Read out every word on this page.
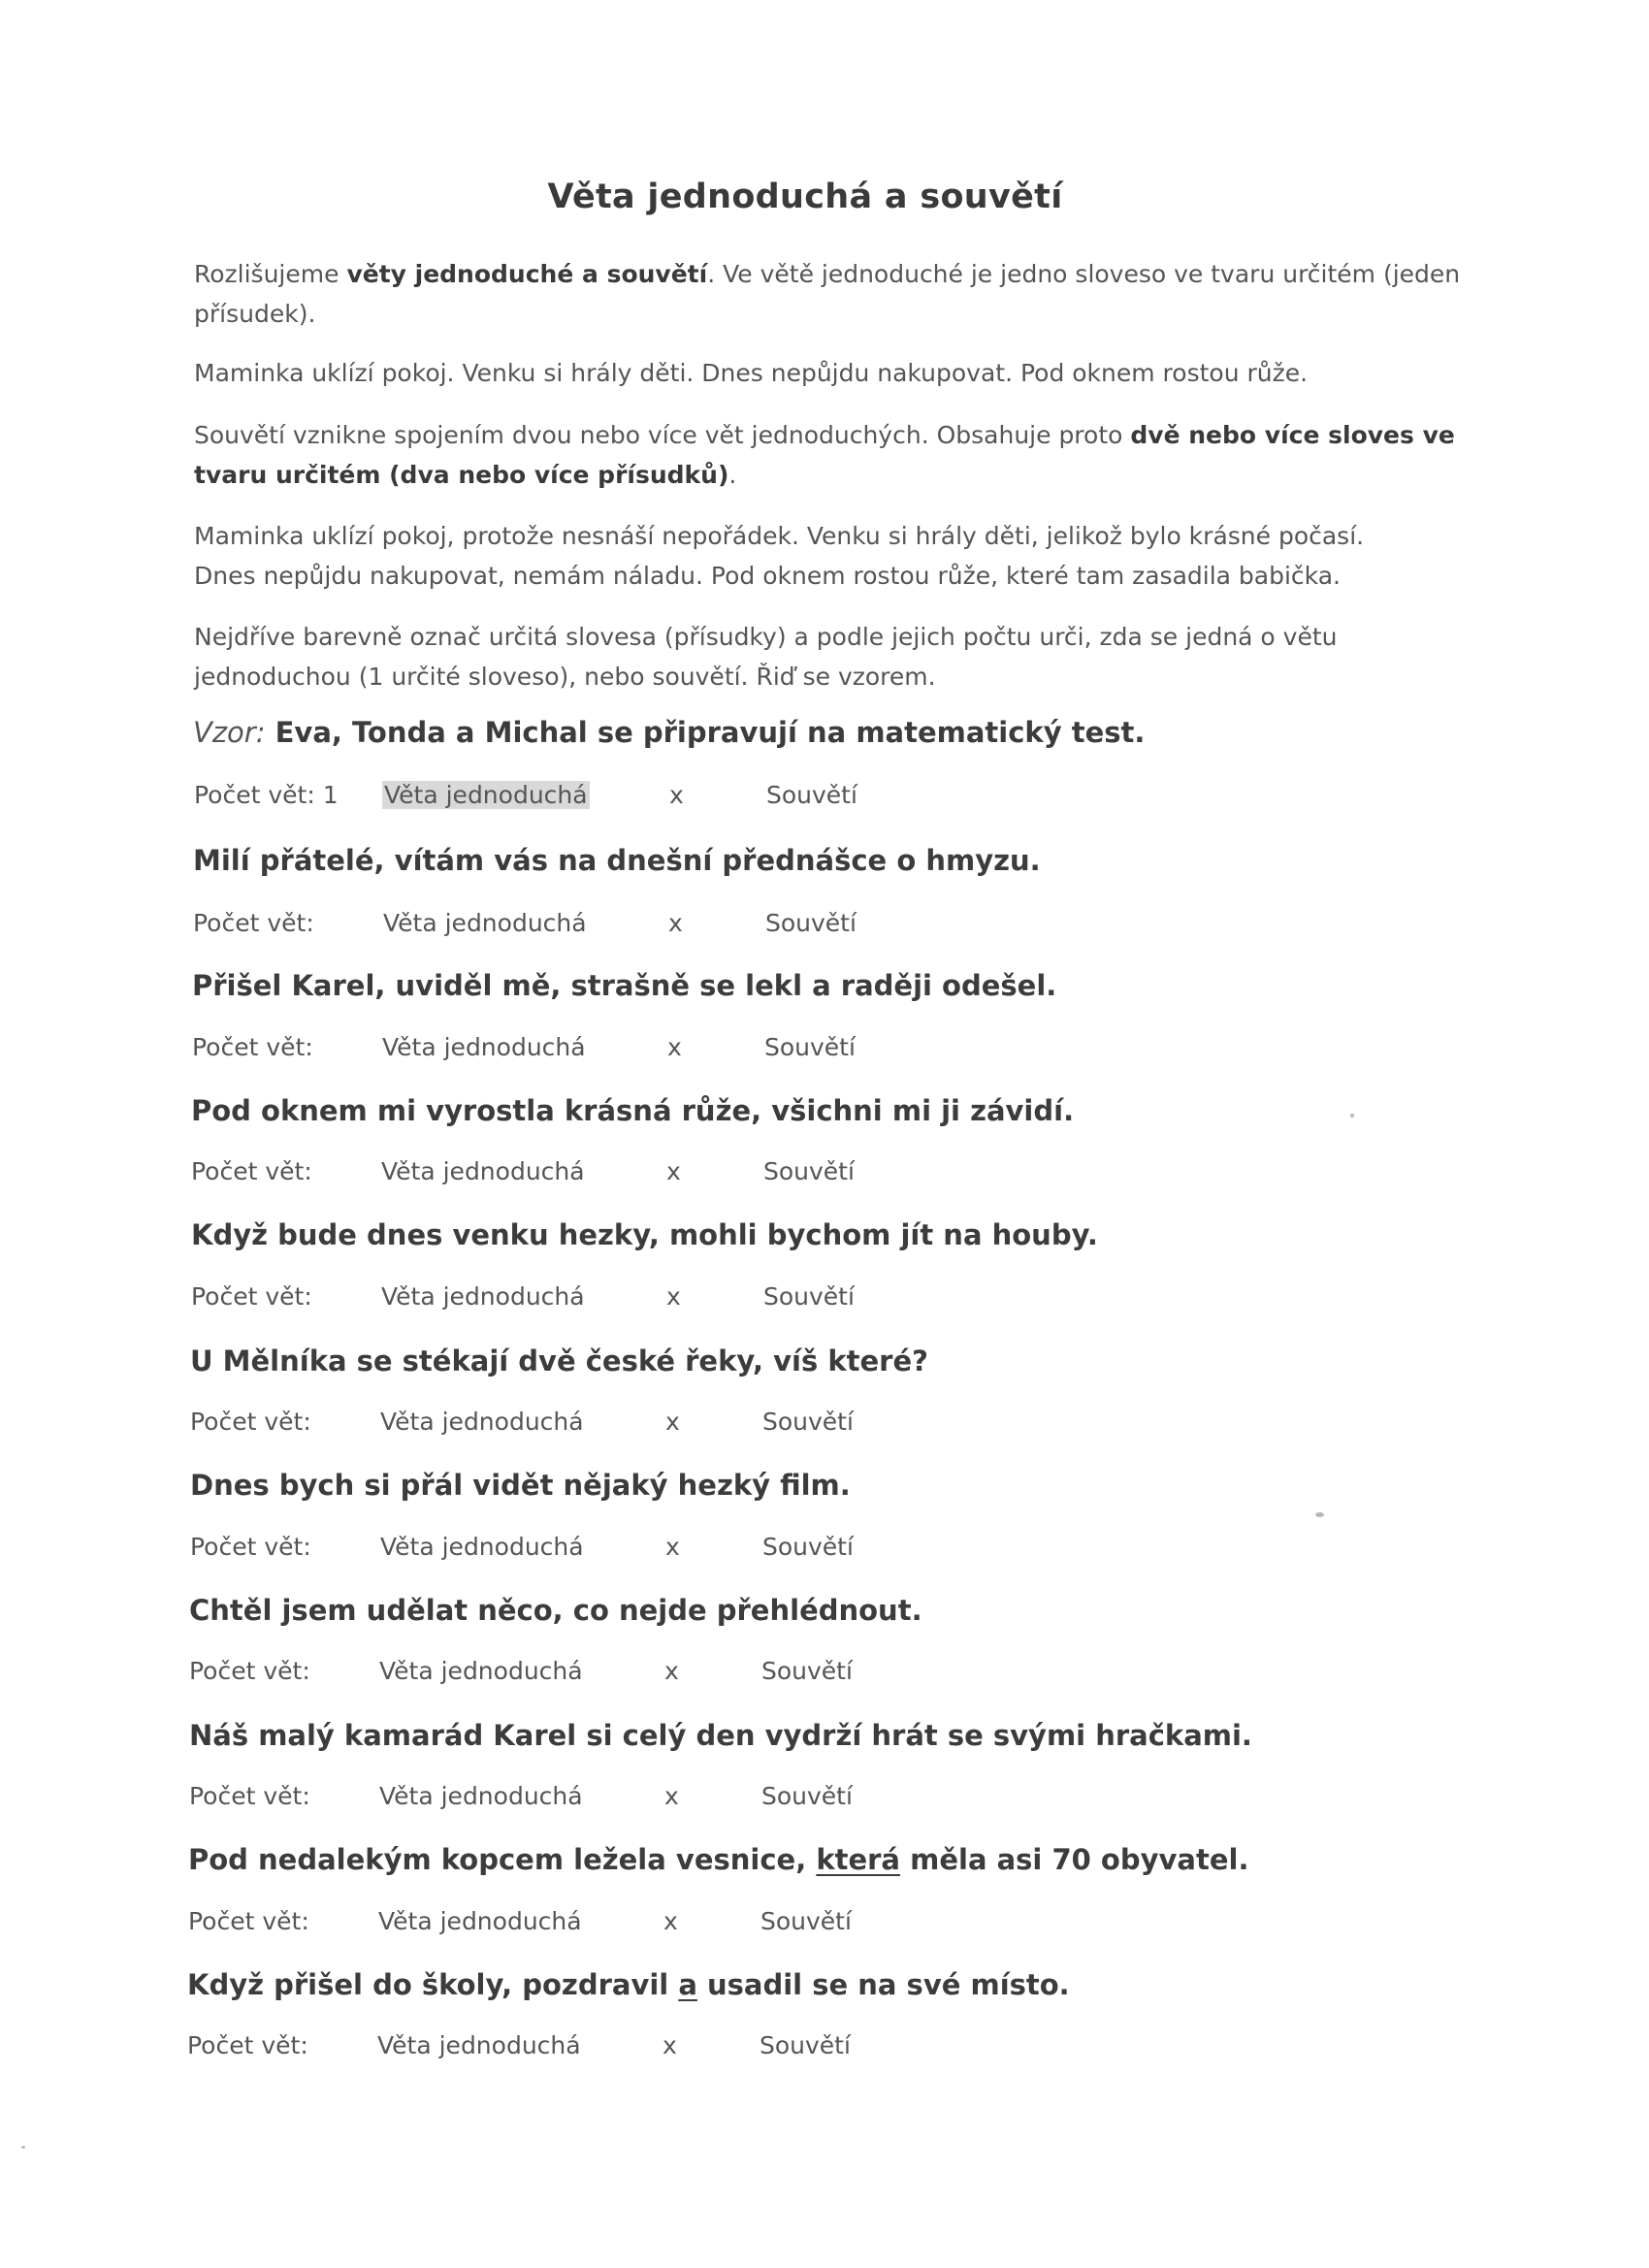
Věta jednoduchá a souvětí
Rozlišujeme věty jednoduché a souvětí. Ve větě jednoduché je jedno sloveso ve tvaru určitém (jeden
přísudek).
Maminka uklízí pokoj. Venku si hrály děti. Dnes nepůjdu nakupovat. Pod oknem rostou růže.
Souvětí vznikne spojením dvou nebo více vět jednoduchých. Obsahuje proto dvě nebo více sloves ve
tvaru určitém (dva nebo více přísudků).
Maminka uklízí pokoj, protože nesnáší nepořádek. Venku si hrály děti, jelikož bylo krásné počasí.
Dnes nepůjdu nakupovat, nemám náladu. Pod oknem rostou růže, které tam zasadila babička.
Nejdříve barevně označ určitá slovesa (přísudky) a podle jejich počtu urči, zda se jedná o větu
jednoduchou (1 určité sloveso), nebo souvětí. Řiď se vzorem.
Vzor: Eva, Tonda a Michal se připravují na matematický test.
Počet vět: 1 Věta jednoduchá	x	Souvětí
Milí přátelé, vítám vás na dnešní přednášce o hmyzu.
Počet vět:	Věta jednoduchá	x	Souvětí
Přišel Karel, uviděl mě, strašně se lekl a raději odešel.
Počet vět:	Věta jednoduchá	x	Souvětí
Pod oknem mi vyrostla krásná růže, všichni mi ji závidí.
Počet vět:	Věta jednoduchá	x	Souvětí
Když bude dnes venku hezky, mohli bychom jít na houby.
Počet vět:	Věta jednoduchá	x	Souvětí
U Mělníka se stékají dvě české řeky, víš které?
Počet vět:	Věta jednoduchá	x	Souvětí
Dnes bych si přál vidět nějaký hezký film.
Počet vět:	Věta jednoduchá	x	Souvětí
Chtěl jsem udělat něco, co nejde přehlédnout.
Počet vět:	Věta jednoduchá	x	Souvětí
Náš malý kamarád Karel si celý den vydrží hrát se svými hračkami.
Počet vět:	Věta jednoduchá	x	Souvětí
Pod nedalekým kopcem ležela vesnice, která měla asi 70 obyvatel.
Počet vět:	Věta jednoduchá	x	Souvětí
Když přišel do školy, pozdravil a usadil se na své místo.
Počet vět:	Věta jednoduchá	x	Souvětí
